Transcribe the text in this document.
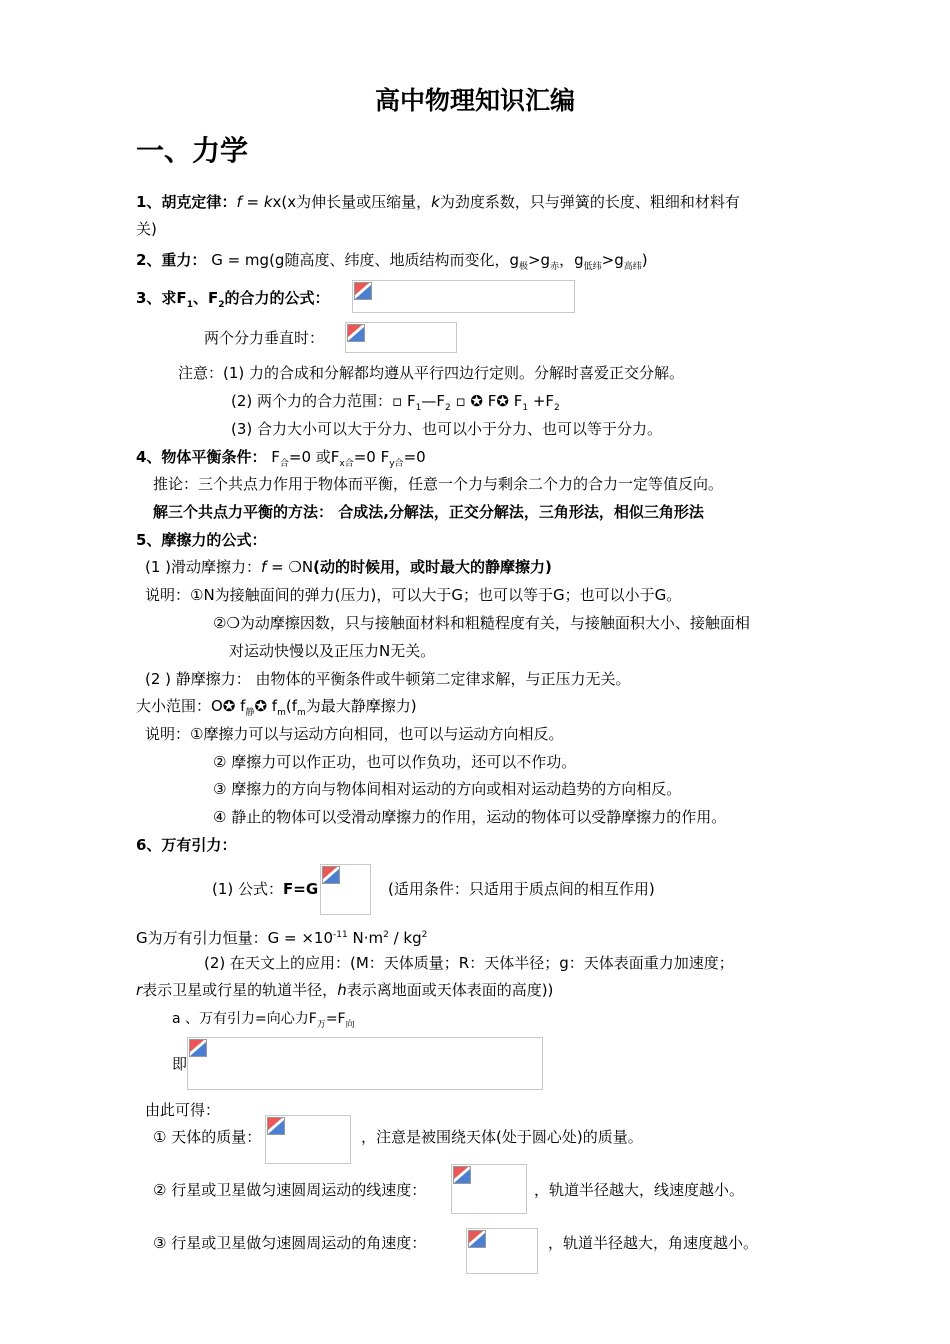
高中物理知识汇编
一、力学
1、胡克定律：f = kx(x为伸长量或压缩量，k为劲度系数，只与弹簧的长度、粗细和材料有
关)
2、重力： G = mg(g随高度、纬度、地质结构而变化，$g_极>g_赤$，$g_{低纬}>g_{高纬}$)
3、求$F_1$、$F_2$的合力的公式：
两个分力垂直时：
注意：(1) 力的合成和分解都均遵从平行四边行定则。分解时喜爱正交分解。
(2) 两个力的合力范围：▫ $F_1—F_2$ ▫ ✪ F✪ $F_1 +F_2$
(3) 合力大小可以大于分力、也可以小于分力、也可以等于分力。
4、物体平衡条件： $F_合=0$ 或$F_{x合}=0$ $F_{y合}=0$
推论：三个共点力作用于物体而平衡，任意一个力与剩余二个力的合力一定等值反向。
解三个共点力平衡的方法： 合成法,分解法，正交分解法，三角形法，相似三角形法
5、摩擦力的公式：
(1 )滑动摩擦力：f = ❍N(动的时候用，或时最大的静摩擦力)
说明：①N为接触面间的弹力(压力)，可以大于G；也可以等于G；也可以小于G。
②❍为动摩擦因数，只与接触面材料和粗糙程度有关，与接触面积大小、接触面相
对运动快慢以及正压力N无关。
(2 ) 静摩擦力： 由物体的平衡条件或牛顿第二定律求解，与正压力无关。
大小范围：O✪ $f_静✪$ $f_m(f_m$为最大静摩擦力)
说明：①摩擦力可以与运动方向相同，也可以与运动方向相反。
② 摩擦力可以作正功，也可以作负功，还可以不作功。
③ 摩擦力的方向与物体间相对运动的方向或相对运动趋势的方向相反。
④ 静止的物体可以受滑动摩擦力的作用，运动的物体可以受静摩擦力的作用。
6、万有引力：
(1) 公式：F=G	(适用条件：只适用于质点间的相互作用)
G为万有引力恒量：$G = \times 10^{-11}$ $N\cdot m^2 / kg^2$
(2) 在天文上的应用：(M：天体质量；R：天体半径；g：天体表面重力加速度；
r表示卫星或行星的轨道半径，h表示离地面或天体表面的高度))
a 、万有引力=向心力$F_万=F_向$
即
由此可得：
① 天体的质量：	，注意是被围绕天体(处于圆心处)的质量。
② 行星或卫星做匀速圆周运动的线速度：	，轨道半径越大，线速度越小。
③ 行星或卫星做匀速圆周运动的角速度：	，轨道半径越大，角速度越小。
